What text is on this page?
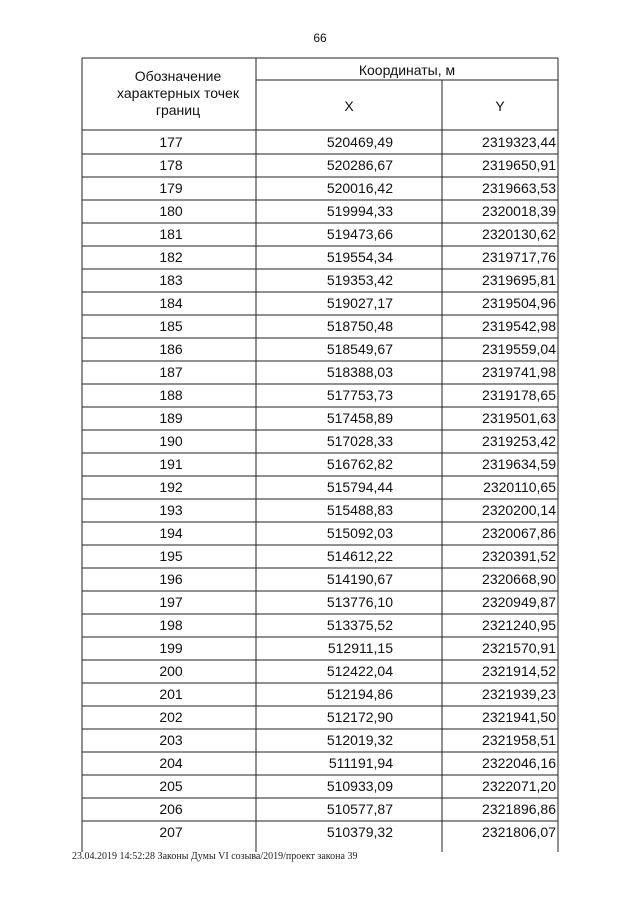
66
Обозначение
характерных точек
границ
Координаты, м
X	Y
177	520469,49	2319323,44
178	520286,67	2319650,91
179	520016,42	2319663,53
180	519994,33	2320018,39
181	519473,66	2320130,62
182	519554,34	2319717,76
183	519353,42	2319695,81
184	519027,17	2319504,96
185	518750,48	2319542,98
186	518549,67	2319559,04
187	518388,03	2319741,98
188	517753,73	2319178,65
189	517458,89	2319501,63
190	517028,33	2319253,42
191	516762,82	2319634,59
192	515794,44	2320110,65
193	515488,83	2320200,14
194	515092,03	2320067,86
195	514612,22	2320391,52
196	514190,67	2320668,90
197	513776,10	2320949,87
198	513375,52	2321240,95
199	512911,15	2321570,91
200	512422,04	2321914,52
201	512194,86	2321939,23
202	512172,90	2321941,50
203	512019,32	2321958,51
204	511191,94	2322046,16
205	510933,09	2322071,20
206	510577,87	2321896,86
207	510379,32	2321806,07
23.04.2019 14:52:28 Законы Думы VI созыва/2019/проект закона 39
